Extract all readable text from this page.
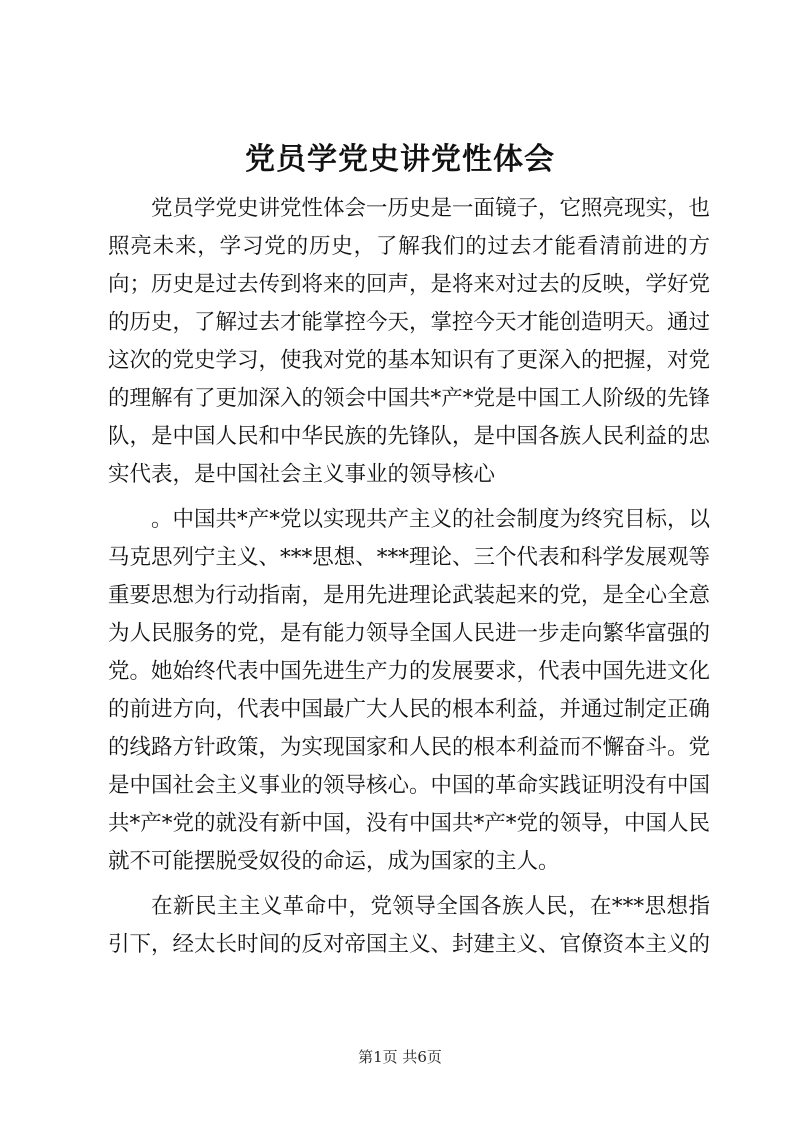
党员学党史讲党性体会

党员学党史讲党性体会一历史是一面镜子，它照亮现实，也照亮未来，学习党的历史，了解我们的过去才能看清前进的方向；历史是过去传到将来的回声，是将来对过去的反映，学好党的历史，了解过去才能掌控今天，掌控今天才能创造明天。通过这次的党史学习，使我对党的基本知识有了更深入的把握，对党的理解有了更加深入的领会中国共*产*党是中国工人阶级的先锋队，是中国人民和中华民族的先锋队，是中国各族人民利益的忠实代表，是中国社会主义事业的领导核心

。中国共*产*党以实现共产主义的社会制度为终究目标，以马克思列宁主义、***思想、***理论、三个代表和科学发展观等重要思想为行动指南，是用先进理论武装起来的党，是全心全意为人民服务的党，是有能力领导全国人民进一步走向繁华富强的党。她始终代表中国先进生产力的发展要求，代表中国先进文化的前进方向，代表中国最广大人民的根本利益，并通过制定正确的线路方针政策，为实现国家和人民的根本利益而不懈奋斗。党是中国社会主义事业的领导核心。中国的革命实践证明没有中国共*产*党的就没有新中国，没有中国共*产*党的领导，中国人民就不可能摆脱受奴役的命运，成为国家的主人。

在新民主主义革命中，党领导全国各族人民，在***思想指引下，经太长时间的反对帝国主义、封建主义、官僚资本主义的

第1页 共6页
